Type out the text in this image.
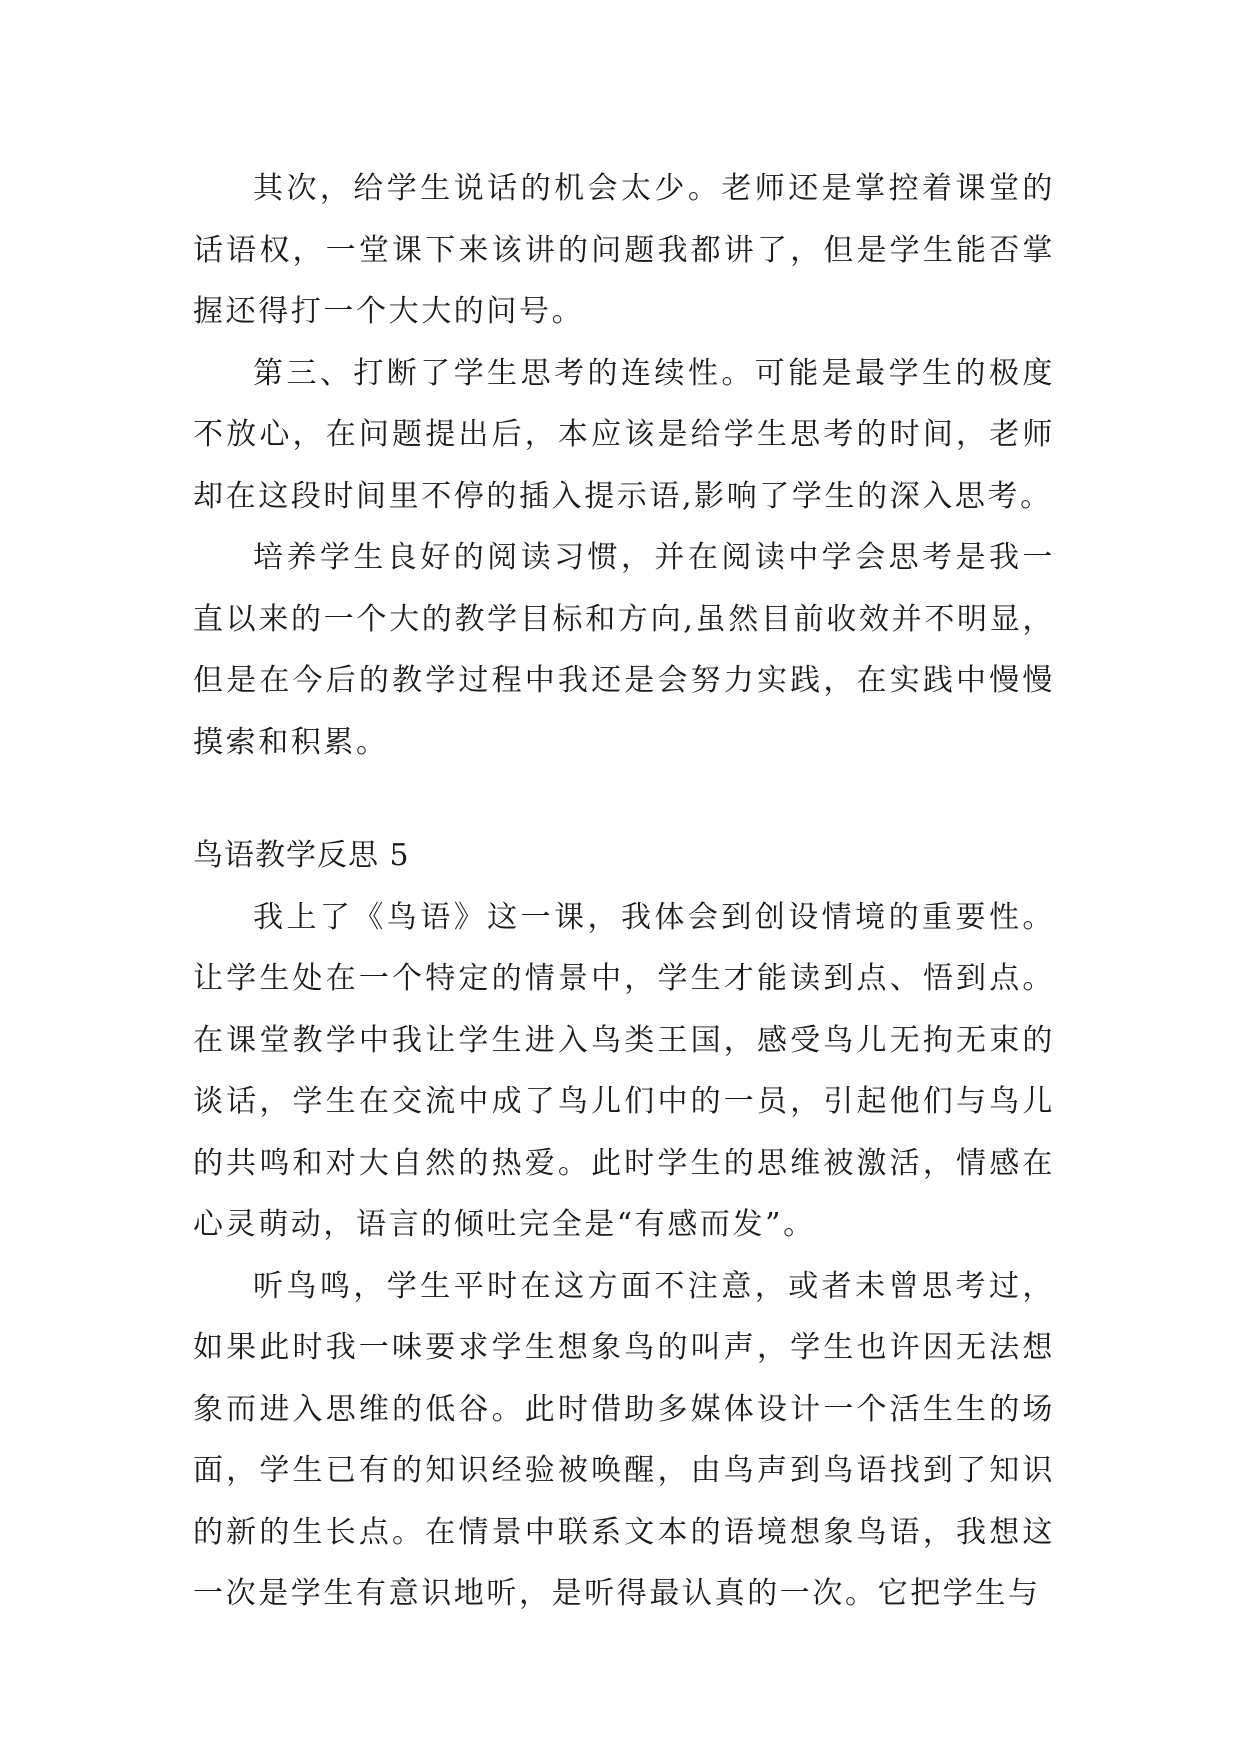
其次，给学生说话的机会太少。老师还是掌控着课堂的话语权，一堂课下来该讲的问题我都讲了，但是学生能否掌握还得打一个大大的问号。

第三、打断了学生思考的连续性。可能是最学生的极度不放心，在问题提出后，本应该是给学生思考的时间，老师却在这段时间里不停的插入提示语,影响了学生的深入思考。

培养学生良好的阅读习惯，并在阅读中学会思考是我一直以来的一个大的教学目标和方向,虽然目前收效并不明显，但是在今后的教学过程中我还是会努力实践，在实践中慢慢摸索和积累。

鸟语教学反思 5

我上了《鸟语》这一课，我体会到创设情境的重要性。让学生处在一个特定的情景中，学生才能读到点、悟到点。在课堂教学中我让学生进入鸟类王国，感受鸟儿无拘无束的谈话，学生在交流中成了鸟儿们中的一员，引起他们与鸟儿的共鸣和对大自然的热爱。此时学生的思维被激活，情感在心灵萌动，语言的倾吐完全是“有感而发”。

听鸟鸣，学生平时在这方面不注意，或者未曾思考过，如果此时我一味要求学生想象鸟的叫声，学生也许因无法想象而进入思维的低谷。此时借助多媒体设计一个活生生的场面，学生已有的知识经验被唤醒，由鸟声到鸟语找到了知识的新的生长点。在情景中联系文本的语境想象鸟语，我想这一次是学生有意识地听，是听得最认真的一次。它把学生与
